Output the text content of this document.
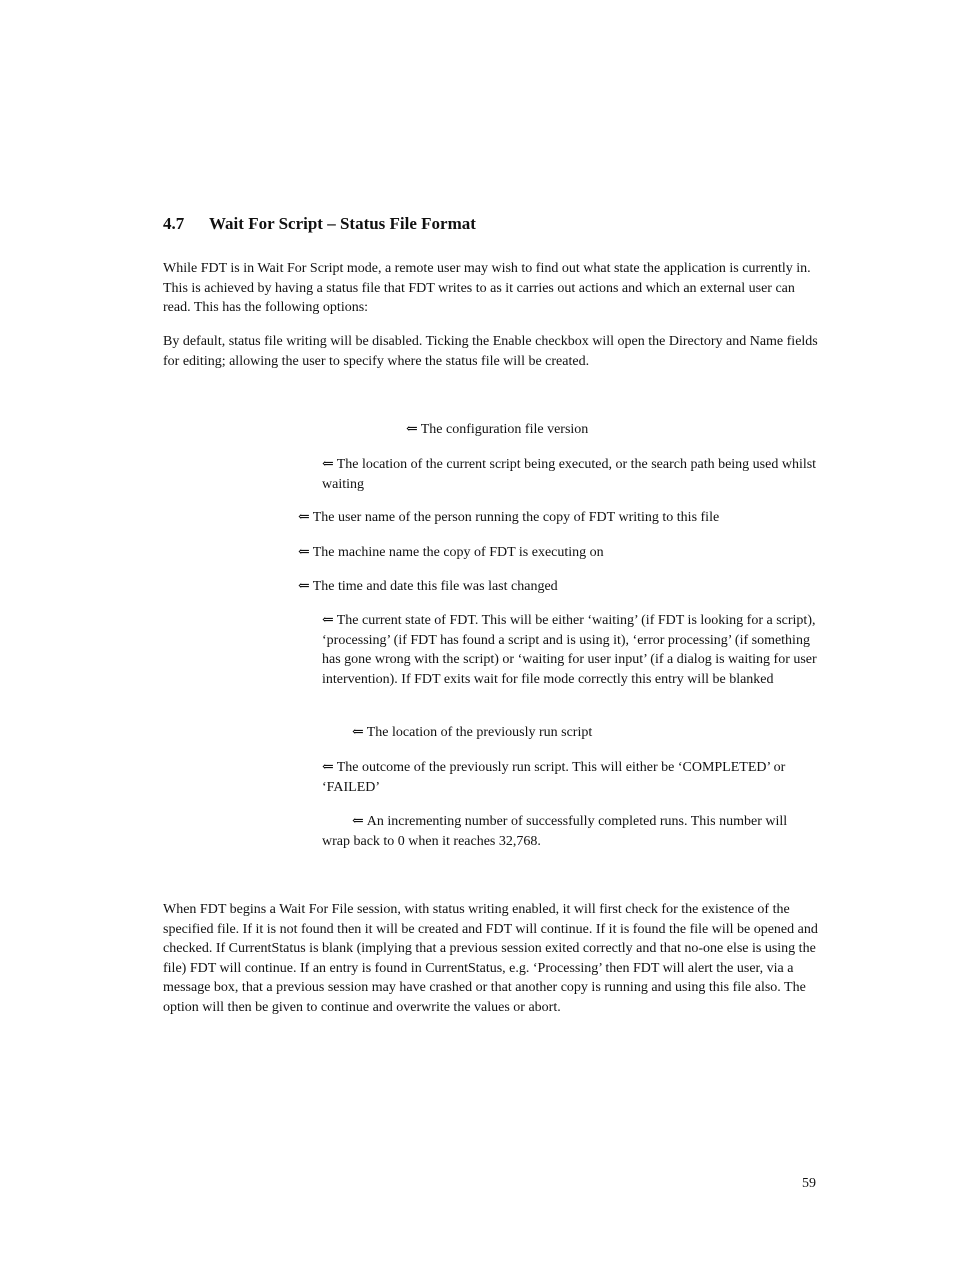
4.7 Wait For Script – Status File Format

While FDT is in Wait For Script mode, a remote user may wish to find out what state the application is currently in. This is achieved by having a status file that FDT writes to as it carries out actions and which an external user can read. This has the following options:

By default, status file writing will be disabled. Ticking the Enable checkbox will open the Directory and Name fields for editing; allowing the user to specify where the status file will be created.

⇐ The configuration file version

⇐ The location of the current script being executed, or the search path being used whilst waiting

⇐ The user name of the person running the copy of FDT writing to this file

⇐ The machine name the copy of FDT is executing on

⇐ The time and date this file was last changed

⇐ The current state of FDT. This will be either ‘waiting’ (if FDT is looking for a script), ‘processing’ (if FDT has found a script and is using it), ‘error processing’ (if something has gone wrong with the script) or ‘waiting for user input’ (if a dialog is waiting for user intervention). If FDT exits wait for file mode correctly this entry will be blanked

⇐ The location of the previously run script

⇐ The outcome of the previously run script. This will either be ‘COMPLETED’ or ‘FAILED’

⇐ An incrementing number of successfully completed runs. This number will wrap back to 0 when it reaches 32,768.

When FDT begins a Wait For File session, with status writing enabled, it will first check for the existence of the specified file. If it is not found then it will be created and FDT will continue. If it is found the file will be opened and checked. If CurrentStatus is blank (implying that a previous session exited correctly and that no-one else is using the file) FDT will continue. If an entry is found in CurrentStatus, e.g. ‘Processing’ then FDT will alert the user, via a message box, that a previous session may have crashed or that another copy is running and using this file also. The option will then be given to continue and overwrite the values or abort.

59
